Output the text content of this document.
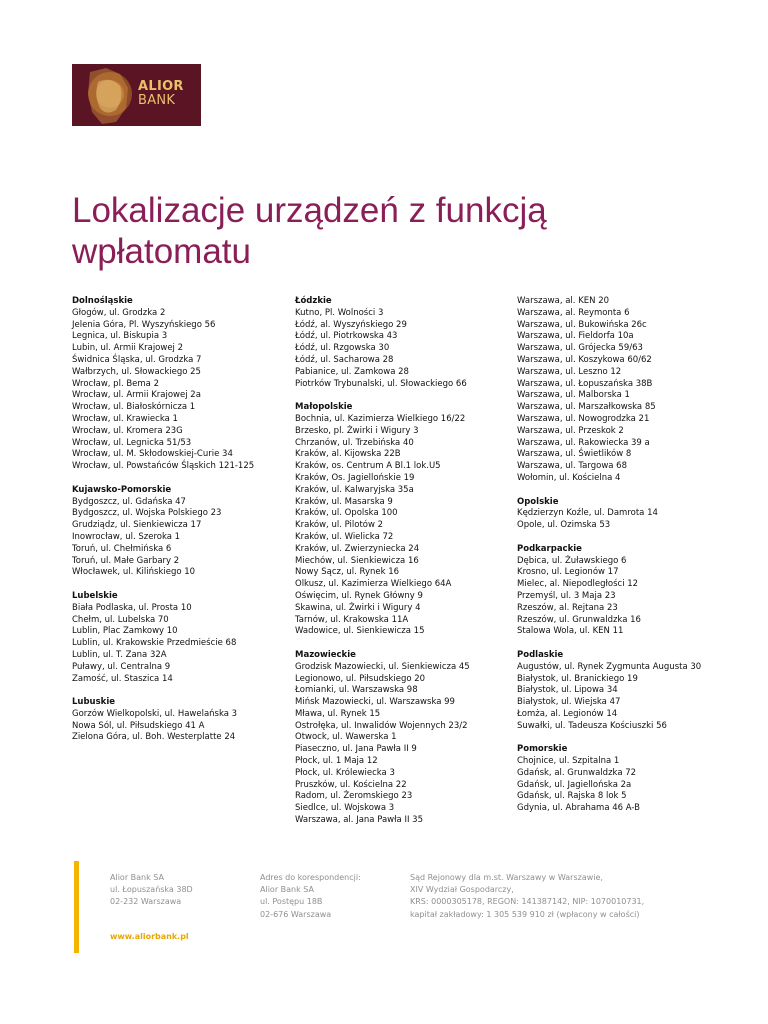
ALIOR
BANK
Lokalizacje urządzeń z funkcją wpłatomatu
Dolnośląskie
Głogów, ul. Grodzka 2
Jelenia Góra, Pl. Wyszyńskiego 56
Legnica, ul. Biskupia 3
Lubin, ul. Armii Krajowej 2
Świdnica Śląska, ul. Grodzka 7
Wałbrzych, ul. Słowackiego 25
Wrocław, pl. Bema 2
Wrocław, ul. Armii Krajowej 2a
Wrocław, ul. Białoskórnicza 1
Wrocław, ul. Krawiecka 1
Wrocław, ul. Kromera 23G
Wrocław, ul. Legnicka 51/53
Wrocław, ul. M. Skłodowskiej-Curie 34
Wrocław, ul. Powstańców Śląskich 121-125
Kujawsko-Pomorskie
Bydgoszcz, ul. Gdańska 47
Bydgoszcz, ul. Wojska Polskiego 23
Grudziądz, ul. Sienkiewicza 17
Inowrocław, ul. Szeroka 1
Toruń, ul. Chełmińska 6
Toruń, ul. Małe Garbary 2
Włocławek, ul. Kilińskiego 10
Lubelskie
Biała Podlaska, ul. Prosta 10
Chełm, ul. Lubelska 70
Lublin, Plac Zamkowy 10
Lublin, ul. Krakowskie Przedmieście 68
Lublin, ul. T. Zana 32A
Puławy, ul. Centralna 9
Zamość, ul. Staszica 14
Lubuskie
Gorzów Wielkopolski, ul. Hawelańska 3
Nowa Sól, ul. Piłsudskiego 41 A
Zielona Góra, ul. Boh. Westerplatte 24
Łódzkie
Kutno, Pl. Wolności 3
Łódź, al. Wyszyńskiego 29
Łódź, ul. Piotrkowska 43
Łódź, ul. Rzgowska 30
Łódź, ul. Sacharowa 28
Pabianice, ul. Zamkowa 28
Piotrków Trybunalski, ul. Słowackiego 66
Małopolskie
Bochnia, ul. Kazimierza Wielkiego 16/22
Brzesko, pl. Żwirki i Wigury 3
Chrzanów, ul. Trzebińska 40
Kraków, al. Kijowska 22B
Kraków, os. Centrum A Bl.1 lok.U5
Kraków, Os. Jagiellońskie 19
Kraków, ul. Kalwaryjska 35a
Kraków, ul. Masarska 9
Kraków, ul. Opolska 100
Kraków, ul. Pilotów 2
Kraków, ul. Wielicka 72
Kraków, ul. Zwierzyniecka 24
Miechów, ul. Sienkiewicza 16
Nowy Sącz, ul. Rynek 16
Olkusz, ul. Kazimierza Wielkiego 64A
Oświęcim, ul. Rynek Główny 9
Skawina, ul. Żwirki i Wigury 4
Tarnów, ul. Krakowska 11A
Wadowice, ul. Sienkiewicza 15
Mazowieckie
Grodzisk Mazowiecki, ul. Sienkiewicza 45
Legionowo, ul. Piłsudskiego 20
Łomianki, ul. Warszawska 98
Mińsk Mazowiecki, ul. Warszawska 99
Mława, ul. Rynek 15
Ostrołęka, ul. Inwalidów Wojennych 23/2
Otwock, ul. Wawerska 1
Piaseczno, ul. Jana Pawła II 9
Płock, ul. 1 Maja 12
Płock, ul. Królewiecka 3
Pruszków, ul. Kościelna 22
Radom, ul. Żeromskiego 23
Siedlce, ul. Wojskowa 3
Warszawa, al. Jana Pawła II 35
Warszawa, al. KEN 20
Warszawa, al. Reymonta 6
Warszawa, ul. Bukowińska 26c
Warszawa, ul. Fieldorfa 10a
Warszawa, ul. Grójecka 59/63
Warszawa, ul. Koszykowa 60/62
Warszawa, ul. Leszno 12
Warszawa, ul. Łopuszańska 38B
Warszawa, ul. Malborska 1
Warszawa, ul. Marszałkowska 85
Warszawa, ul. Nowogrodzka 21
Warszawa, ul. Przeskok 2
Warszawa, ul. Rakowiecka 39 a
Warszawa, ul. Świetlików 8
Warszawa, ul. Targowa 68
Wołomin, ul. Kościelna 4
Opolskie
Kędzierzyn Koźle, ul. Damrota 14
Opole, ul. Ozimska 53
Podkarpackie
Dębica, ul. Żuławskiego 6
Krosno, ul. Legionów 17
Mielec, al. Niepodległości 12
Przemyśl, ul. 3 Maja 23
Rzeszów, al. Rejtana 23
Rzeszów, ul. Grunwaldzka 16
Stalowa Wola, ul. KEN 11
Podlaskie
Augustów, ul. Rynek Zygmunta Augusta 30
Białystok, ul. Branickiego 19
Białystok, ul. Lipowa 34
Białystok, ul. Wiejska 47
Łomża, al. Legionów 14
Suwałki, ul. Tadeusza Kościuszki 56
Pomorskie
Chojnice, ul. Szpitalna 1
Gdańsk, al. Grunwaldzka 72
Gdańsk, ul. Jagiellońska 2a
Gdańsk, ul. Rajska 8 lok 5
Gdynia, ul. Abrahama 46 A-B
Alior Bank SA
ul. Łopuszańska 38D
02-232 Warszawa
Adres do korespondencji:
Alior Bank SA
ul. Postępu 18B
02-676 Warszawa
Sąd Rejonowy dla m.st. Warszawy w Warszawie,
XIV Wydział Gospodarczy,
KRS: 0000305178, REGON: 141387142, NIP: 1070010731,
kapitał zakładowy: 1 305 539 910 zł (wpłacony w całości)
www.aliorbank.pl
